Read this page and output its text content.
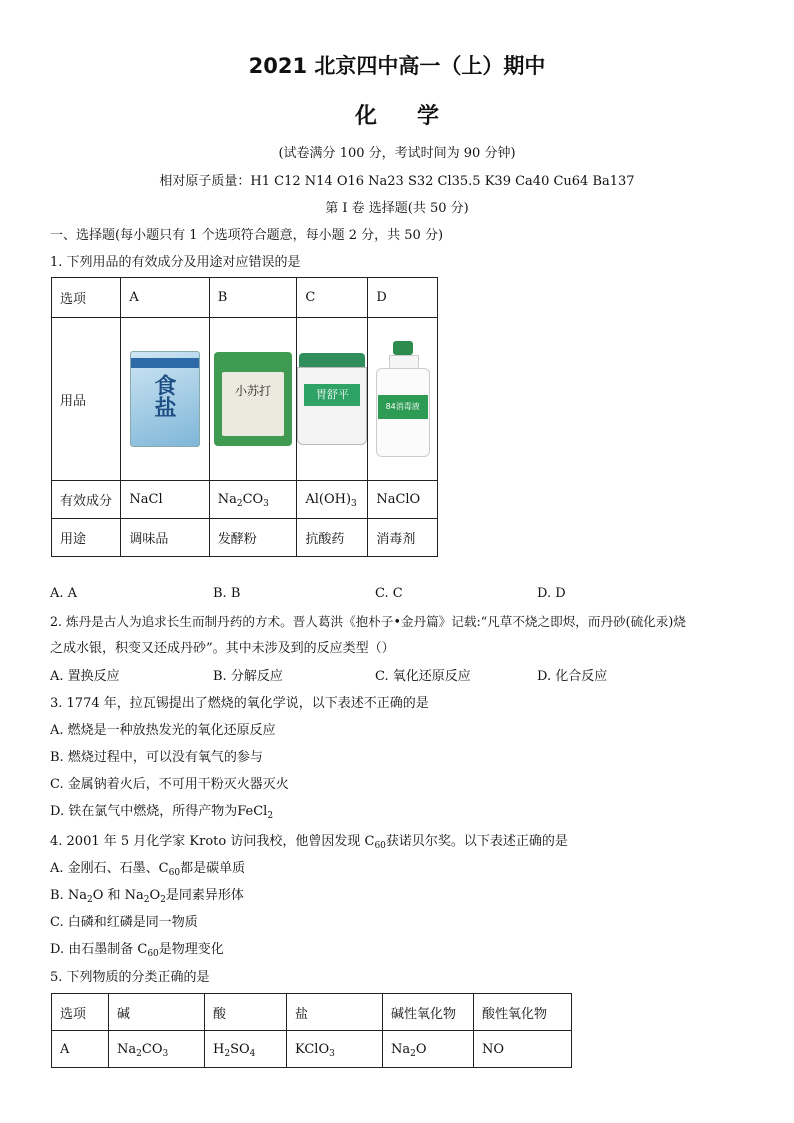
2021 北京四中高一（上）期中
化学
(试卷满分 100 分，考试时间为 90 分钟)
相对原子质量：H1 C12 N14 O16 Na23 S32 Cl35.5 K39 Ca40 Cu64 Ba137
第 I 卷 选择题(共 50 分)
一、选择题(每小题只有 1 个选项符合题意，每小题 2 分，共 50 分)
1. 下列用品的有效成分及用途对应错误的是
选项	A	B	C	D
用品	食盐	小苏打	胃舒平	84消毒液

有效成分	NaCl	$Na_2CO_3$	$Al(OH)_3$	NaClO
用途	调味品	发酵粉	抗酸药	消毒剂
A. A	B. B	C. C	D. D
2. 炼丹是古人为追求长生而制丹药的方术。晋人葛洪《抱朴子•金丹篇》记载:“凡草不烧之即烬，而丹砂(硫化汞)烧
之成水银，积变又还成丹砂”。其中未涉及到的反应类型（）
A. 置换反应	B. 分解反应	C. 氧化还原反应	D. 化合反应
3. 1774 年，拉瓦锡提出了燃烧的氧化学说，以下表述不正确的是
A. 燃烧是一种放热发光的氧化还原反应
B. 燃烧过程中，可以没有氧气的参与
C. 金属钠着火后，不可用干粉灭火器灭火
D. 铁在氯气中燃烧，所得产物为FeCl$_2$
4. 2001 年 5 月化学家 Kroto 访问我校，他曾因发现 $C_{60}$获诺贝尔奖。以下表述正确的是
A. 金刚石、石墨、$C_{60}$都是碳单质
B. $Na_2O$ 和 $Na_2O_2$是同素异形体
C. 白磷和红磷是同一物质
D. 由石墨制备 $C_{60}$是物理变化
5. 下列物质的分类正确的是
选项	碱	酸	盐	碱性氧化物	酸性氧化物
A	$Na_2CO_3$	$H_2SO_4$	KClO$_3$	$Na_2O$	NO
